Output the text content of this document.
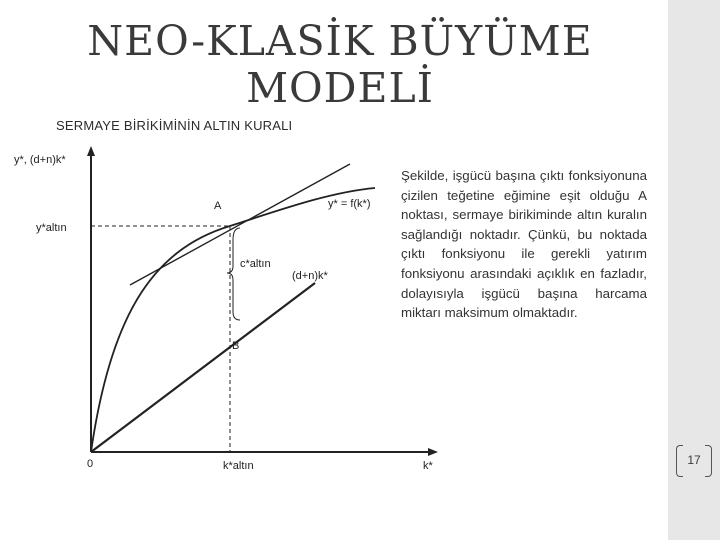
NEO-KLASİK BÜYÜME MODELİ
SERMAYE BİRİKİMİNİN ALTIN KURALI
y*, (d+n)k*
y*altın
0	k*
k*altın
A
B
c*altın
y* = f(k*)
(d+n)k*
Şekilde, işgücü başına çıktı fonksiyonuna çizilen teğetine eğimine eşit olduğu A noktası, sermaye birikiminde altın kuralın sağlandığı noktadır. Çünkü, bu noktada çıktı fonksiyonu ile gerekli yatırım fonksiyonu arasındaki açıklık en fazladır, dolayısıyla işgücü başına harcama miktarı maksimum olmaktadır.
17
